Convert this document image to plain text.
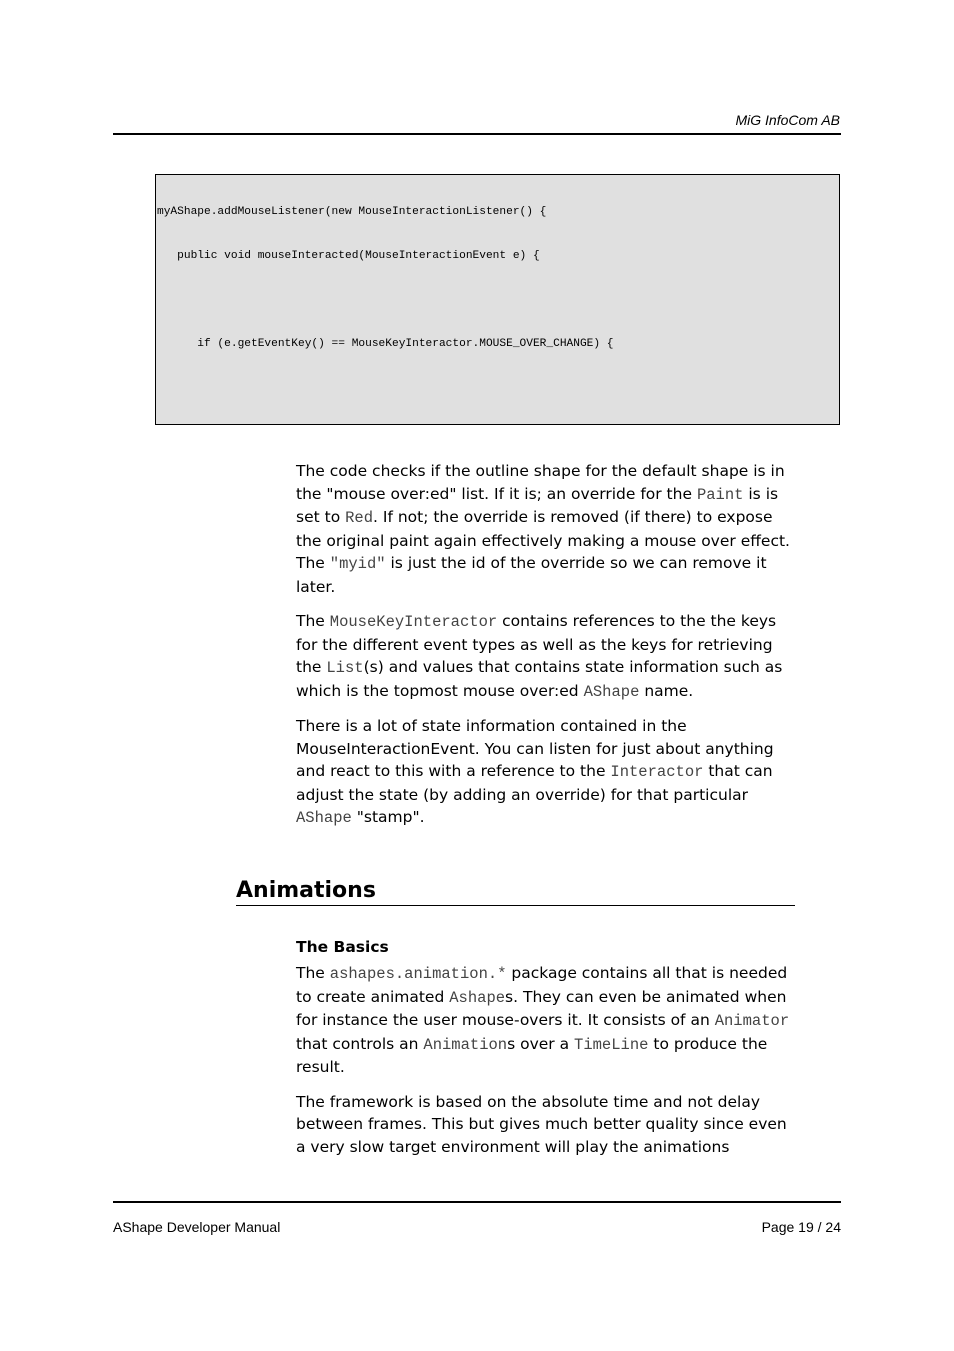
MiG InfoCom AB

myAShape.addMouseListener(new MouseInteractionListener() {

public void mouseInteracted(MouseInteractionEvent e) {

if (e.getEventKey() == MouseKeyInteractor.MOUSE_OVER_CHANGE) {

The code checks if the outline shape for the default shape is in the "mouse over:ed" list. If it is; an override for the Paint is is set to Red. If not; the override is removed (if there) to expose the original paint again effectively making a mouse over effect. The "myid" is just the id of the override so we can remove it later.

The MouseKeyInteractor contains references to the the keys for the different event types as well as the keys for retrieving the List(s) and values that contains state information such as which is the topmost mouse over:ed AShape name.

There is a lot of state information contained in the MouseInteractionEvent. You can listen for just about anything and react to this with a reference to the Interactor that can adjust the state (by adding an override) for that particular AShape "stamp".

Animations
The Basics

The ashapes.animation.* package contains all that is needed to create animated Ashapes. They can even be animated when for instance the user mouse-overs it. It consists of an Animator that controls an Animations over a TimeLine to produce the result.

The framework is based on the absolute time and not delay between frames. This but gives much better quality since even a very slow target environment will play the animations

AShape Developer Manual	Page 19 / 24
